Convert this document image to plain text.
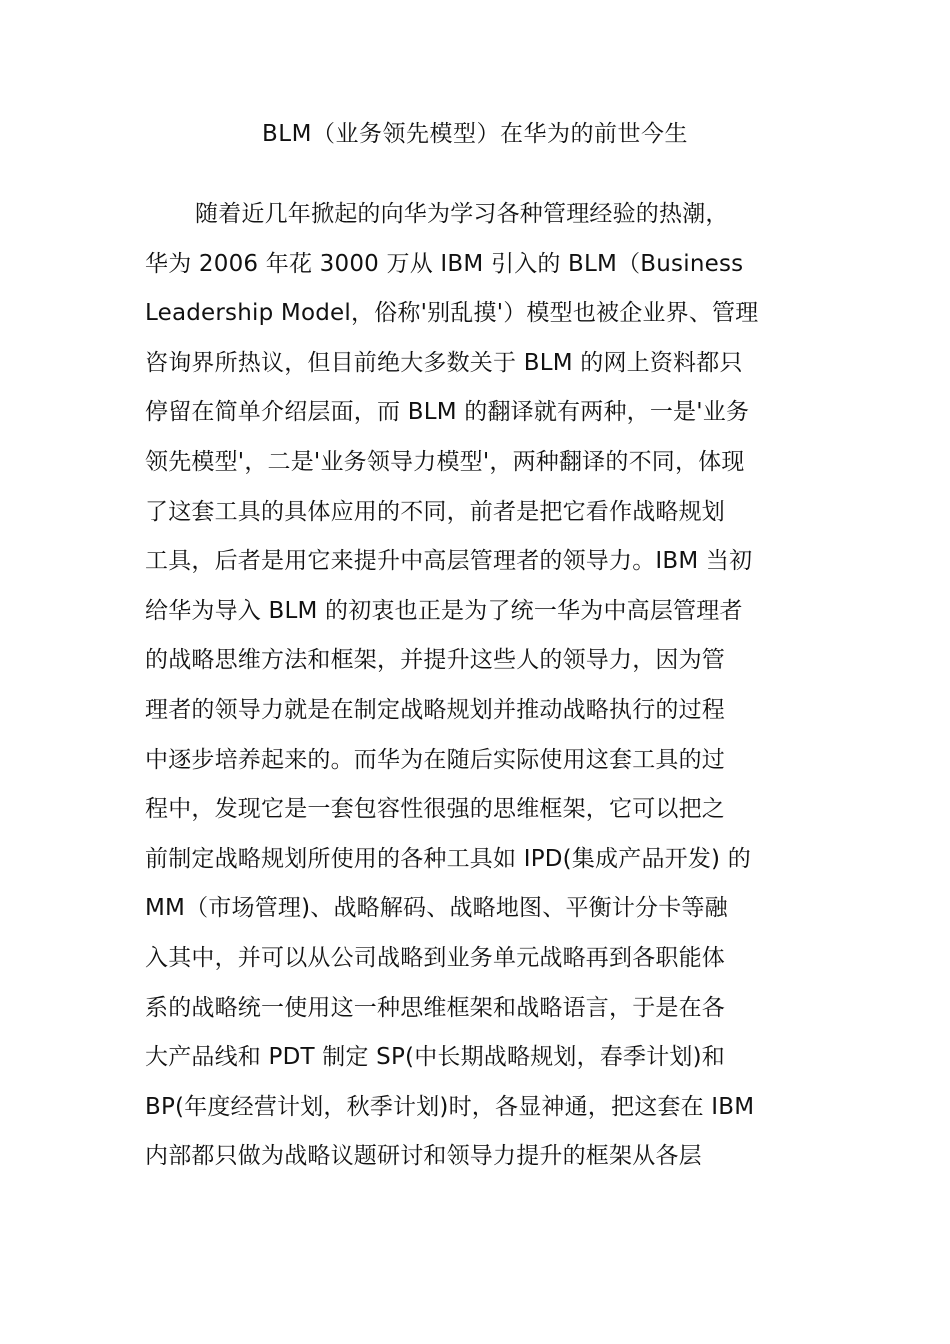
BLM（业务领先模型）在华为的前世今生
随着近几年掀起的向华为学习各种管理经验的热潮，
华为 2006 年花 3000 万从 IBM 引入的 BLM（Business
Leadership Model，俗称'别乱摸'）模型也被企业界、管理
咨询界所热议，但目前绝大多数关于 BLM 的网上资料都只
停留在简单介绍层面，而 BLM 的翻译就有两种，一是'业务
领先模型'，二是'业务领导力模型'，两种翻译的不同，体现
了这套工具的具体应用的不同，前者是把它看作战略规划
工具，后者是用它来提升中高层管理者的领导力。IBM 当初
给华为导入 BLM 的初衷也正是为了统一华为中高层管理者
的战略思维方法和框架，并提升这些人的领导力，因为管
理者的领导力就是在制定战略规划并推动战略执行的过程
中逐步培养起来的。而华为在随后实际使用这套工具的过
程中，发现它是一套包容性很强的思维框架，它可以把之
前制定战略规划所使用的各种工具如 IPD(集成产品开发) 的
MM（市场管理)、战略解码、战略地图、平衡计分卡等融
入其中，并可以从公司战略到业务单元战略再到各职能体
系的战略统一使用这一种思维框架和战略语言，于是在各
大产品线和 PDT 制定 SP(中长期战略规划，春季计划)和
BP(年度经营计划，秋季计划)时，各显神通，把这套在 IBM
内部都只做为战略议题研讨和领导力提升的框架从各层
